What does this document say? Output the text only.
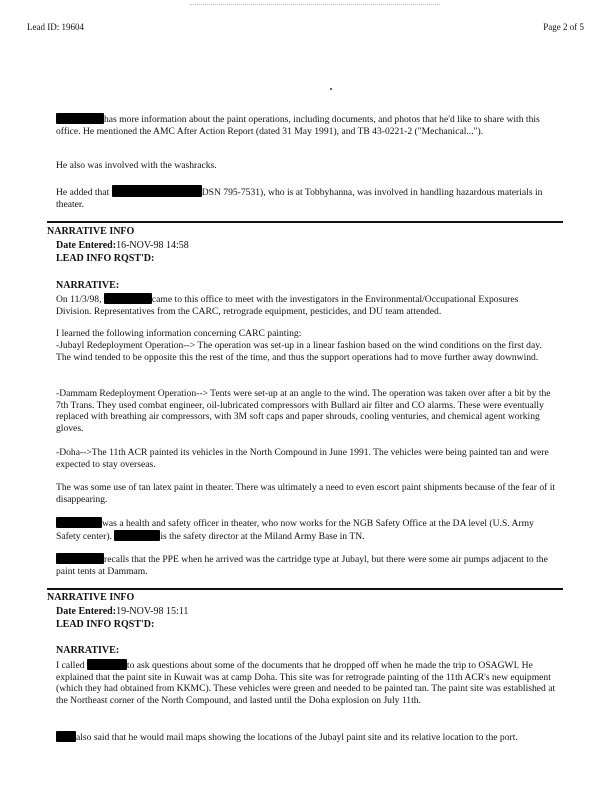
Lead ID: 19604	Page 2 of 5

has more information about the paint operations, including documents, and photos that he'd like to share with this office. He mentioned the AMC After Action Report (dated 31 May 1991), and TB 43-0221-2 ("Mechanical...").

He also was involved with the washracks.

He added that	DSN 795-7531), who is at Tobbyhanna, was involved in handling hazardous materials in theater.

NARRATIVE INFO
Date Entered:16-NOV-98 14:58
LEAD INFO RQST'D:
NARRATIVE:

On 11/3/98,	came to this office to meet with the investigators in the Environmental/Occupational Exposures Division. Representatives from the CARC, retrograde equipment, pesticides, and DU team attended.

I learned the following information concerning CARC painting:

-Jubayl Redeployment Operation--> The operation was set-up in a linear fashion based on the wind conditions on the first day. The wind tended to be opposite this the rest of the time, and thus the support operations had to move further away downwind.

-Dammam Redeployment Operation--> Tents were set-up at an angle to the wind. The operation was taken over after a bit by the 7th Trans. They used combat engineer, oil-lubricated compressors with Bullard air filter and CO alarms. These were eventually replaced with breathing air compressors, with 3M soft caps and paper shrouds, cooling venturies, and chemical agent working gloves.

-Doha-->The 11th ACR painted its vehicles in the North Compound in June 1991. The vehicles were being painted tan and were expected to stay overseas.

The was some use of tan latex paint in theater. There was ultimately a need to even escort paint shipments because of the fear of it disappearing.

was a health and safety officer in theater, who now works for the NGB Safety Office at the DA level (U.S. Army Safety center).	is the safety director at the Miland Army Base in TN.

recalls that the PPE when he arrived was the cartridge type at Jubayl, but there were some air pumps adjacent to the paint tents at Dammam.

NARRATIVE INFO
Date Entered:19-NOV-98 15:11
LEAD INFO RQST'D:
NARRATIVE:

I called	to ask questions about some of the documents that he dropped off when he made the trip to OSAGWI. He explained that the paint site in Kuwait was at camp Doha. This site was for retrograde painting of the 11th ACR's new equipment (which they had obtained from KKMC). These vehicles were green and needed to be painted tan. The paint site was established at the Northeast corner of the North Compound, and lasted until the Doha explosion on July 11th.

also said that he would mail maps showing the locations of the Jubayl paint site and its relative location to the port.
